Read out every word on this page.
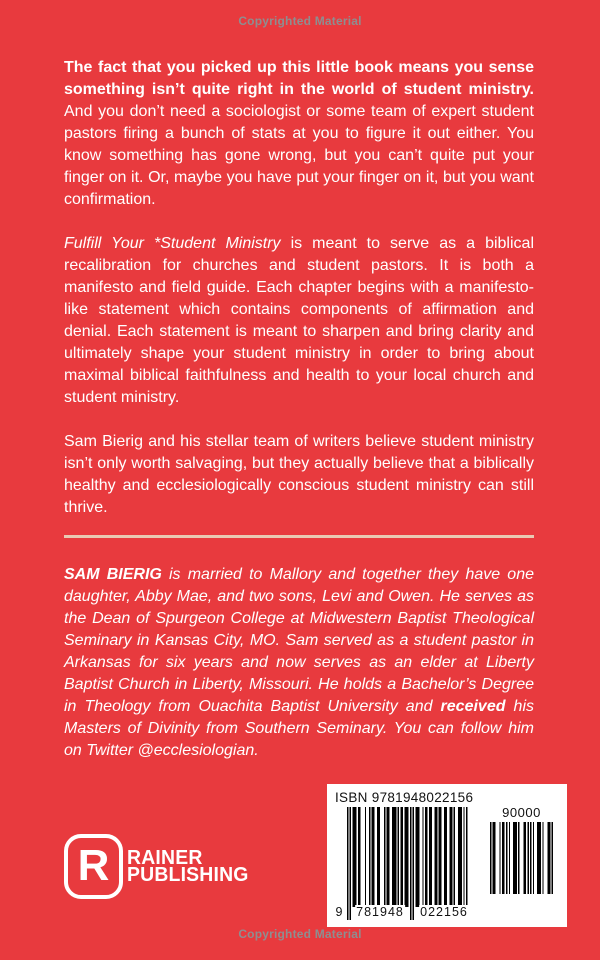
Copyrighted Material

The fact that you picked up this little book means you sense something isn’t quite right in the world of student ministry. And you don’t need a sociologist or some team of expert student pastors firing a bunch of stats at you to figure it out either. You know something has gone wrong, but you can’t quite put your finger on it. Or, maybe you have put your finger on it, but you want confirmation.

Fulfill Your *Student Ministry is meant to serve as a biblical recalibration for churches and student pastors. It is both a manifesto and field guide. Each chapter begins with a manifesto-like statement which contains components of affirmation and denial. Each statement is meant to sharpen and bring clarity and ultimately shape your student ministry in order to bring about maximal biblical faithfulness and health to your local church and student ministry.

Sam Bierig and his stellar team of writers believe student ministry isn’t only worth salvaging, but they actually believe that a biblically healthy and ecclesiologically conscious student ministry can still thrive.

SAM BIERIG is married to Mallory and together they have one daughter, Abby Mae, and two sons, Levi and Owen. He serves as the Dean of Spurgeon College at Midwestern Baptist Theological Seminary in Kansas City, MO. Sam served as a student pastor in Arkansas for six years and now serves as an elder at Liberty Baptist Church in Liberty, Missouri. He holds a Bachelor’s Degree in Theology from Ouachita Baptist University and received his Masters of Divinity from Southern Seminary. You can follow him on Twitter @ecclesiologian.

R RAINER
PUBLISHING
ISBN 9781948022156
90000
9 781948 022156
Copyrighted Material
